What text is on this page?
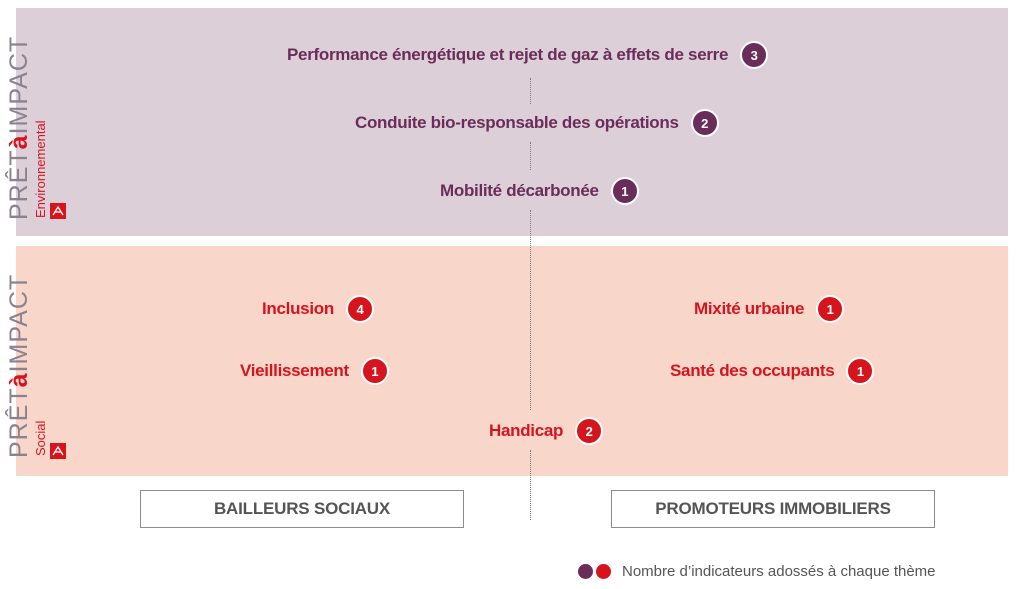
PRÊTàIMPACT
Environnemental
PRÊTàIMPACT
Social
Performance énergétique et rejet de gaz à effets de serre	3
Conduite bio-responsable des opérations	2
Mobilité décarbonée	1
Inclusion	4
Vieillissement	1
Mixité urbaine	1
Santé des occupants	1
Handicap	2
BAILLEURS SOCIAUX	PROMOTEURS IMMOBILIERS
Nombre d’indicateurs adossés à chaque thème
